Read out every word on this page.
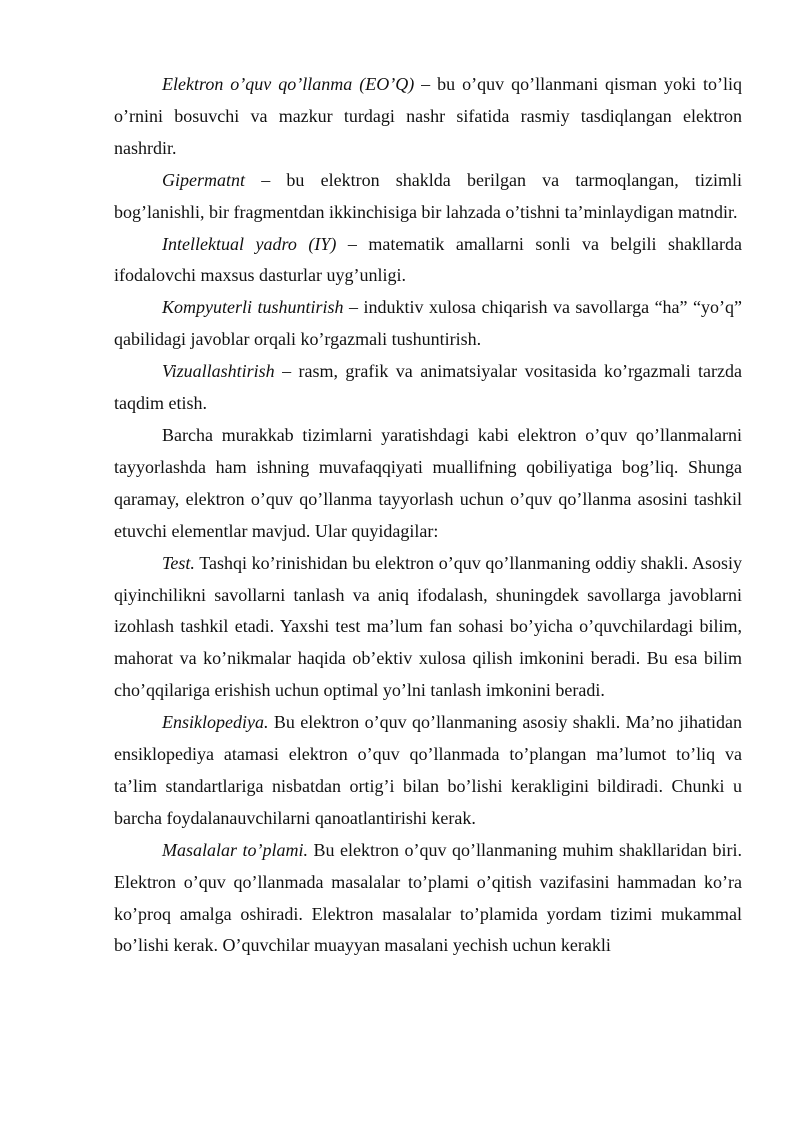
Elektron o’quv qo’llanma (EO’Q) – bu o’quv qo’llanmani qisman yoki to’liq o’rnini bosuvchi va mazkur turdagi nashr sifatida rasmiy tasdiqlangan elektron nashrdir.

Gipermatnt – bu elektron shaklda berilgan va tarmoqlangan, tizimli bog’lanishli, bir fragmentdan ikkinchisiga bir lahzada o’tishni ta’minlaydigan matndir.

Intellektual yadro (IY) – matematik amallarni sonli va belgili shakllarda ifodalovchi maxsus dasturlar uyg’unligi.

Kompyuterli tushuntirish – induktiv xulosa chiqarish va savollarga “ha” “yo’q” qabilidagi javoblar orqali ko’rgazmali tushuntirish.

Vizuallashtirish – rasm, grafik va animatsiyalar vositasida ko’rgazmali tarzda taqdim etish.

Barcha murakkab tizimlarni yaratishdagi kabi elektron o’quv qo’llanmalarni tayyorlashda ham ishning muvafaqqiyati muallifning qobiliyatiga bog’liq. Shunga qaramay, elektron o’quv qo’llanma tayyorlash uchun o’quv qo’llanma asosini tashkil etuvchi elementlar mavjud. Ular quyidagilar:

Test. Tashqi ko’rinishidan bu elektron o’quv qo’llanmaning oddiy shakli. Asosiy qiyinchilikni savollarni tanlash va aniq ifodalash, shuningdek savollarga javoblarni izohlash tashkil etadi. Yaxshi test ma’lum fan sohasi bo’yicha o’quvchilardagi bilim, mahorat va ko’nikmalar haqida ob’ektiv xulosa qilish imkonini beradi. Bu esa bilim cho’qqilariga erishish uchun optimal yo’lni tanlash imkonini beradi.

Ensiklopediya. Bu elektron o’quv qo’llanmaning asosiy shakli. Ma’no jihatidan ensiklopediya atamasi elektron o’quv qo’llanmada to’plangan ma’lumot to’liq va ta’lim standartlariga nisbatdan ortig’i bilan bo’lishi kerakligini bildiradi. Chunki u barcha foydalanauvchilarni qanoatlantirishi kerak.

Masalalar to’plami. Bu elektron o’quv qo’llanmaning muhim shakllaridan biri. Elektron o’quv qo’llanmada masalalar to’plami o’qitish vazifasini hammadan ko’ra ko’proq amalga oshiradi. Elektron masalalar to’plamida yordam tizimi mukammal bo’lishi kerak. O’quvchilar muayyan masalani yechish uchun kerakli
